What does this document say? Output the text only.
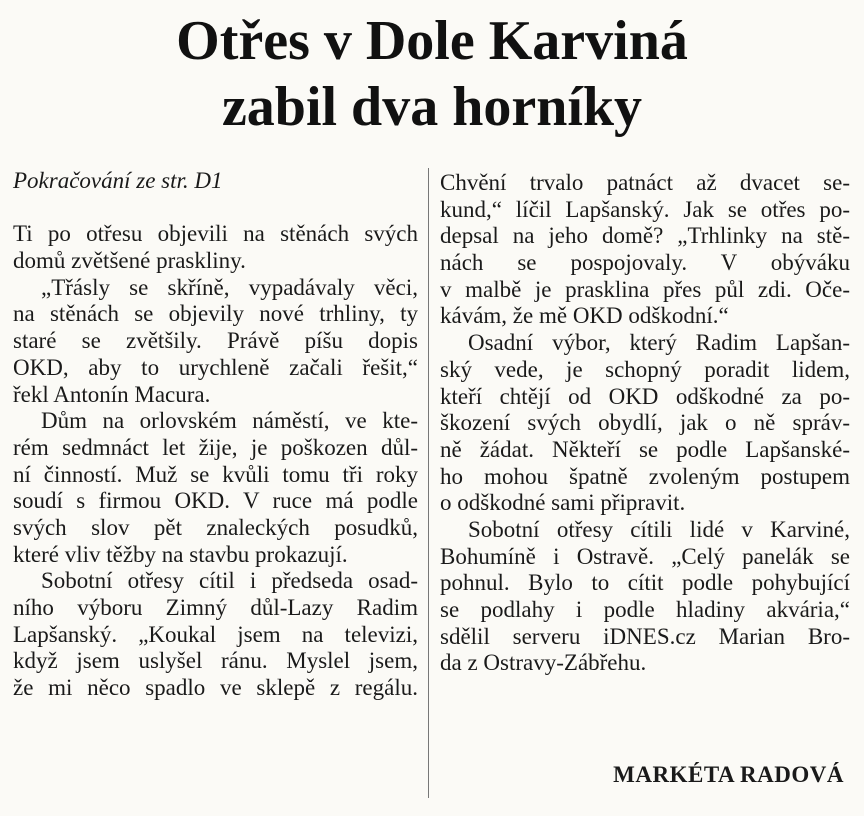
Otřes v Dole Karviná
zabil dva horníky
Pokračování ze str. D1
Ti po otřesu objevili na stěnách svých
domů zvětšené praskliny.
„Třásly se skříně, vypadávaly věci,
na stěnách se objevily nové trhliny, ty
staré se zvětšily. Právě píšu dopis
OKD, aby to urychleně začali řešit,“
řekl Antonín Macura.
Dům na orlovském náměstí, ve kte-
rém sedmnáct let žije, je poškozen důl-
ní činností. Muž se kvůli tomu tři roky
soudí s firmou OKD. V ruce má podle
svých slov pět znaleckých posudků,
které vliv těžby na stavbu prokazují.
Sobotní otřesy cítil i předseda osad-
ního výboru Zimný důl-Lazy Radim
Lapšanský. „Koukal jsem na televizi,
když jsem uslyšel ránu. Myslel jsem,
že mi něco spadlo ve sklepě z regálu.
Chvění trvalo patnáct až dvacet se-
kund,“ líčil Lapšanský. Jak se otřes po-
depsal na jeho domě? „Trhlinky na stě-
nách se pospojovaly. V obýváku
v malbě je prasklina přes půl zdi. Oče-
kávám, že mě OKD odškodní.“
Osadní výbor, který Radim Lapšan-
ský vede, je schopný poradit lidem,
kteří chtějí od OKD odškodné za po-
škození svých obydlí, jak o ně správ-
ně žádat. Někteří se podle Lapšanské-
ho mohou špatně zvoleným postupem
o odškodné sami připravit.
Sobotní otřesy cítili lidé v Karviné,
Bohumíně i Ostravě. „Celý panelák se
pohnul. Bylo to cítit podle pohybující
se podlahy i podle hladiny akvária,“
sdělil serveru iDNES.cz Marian Bro-
da z Ostravy-Zábřehu.
MARKÉTA RADOVÁ
